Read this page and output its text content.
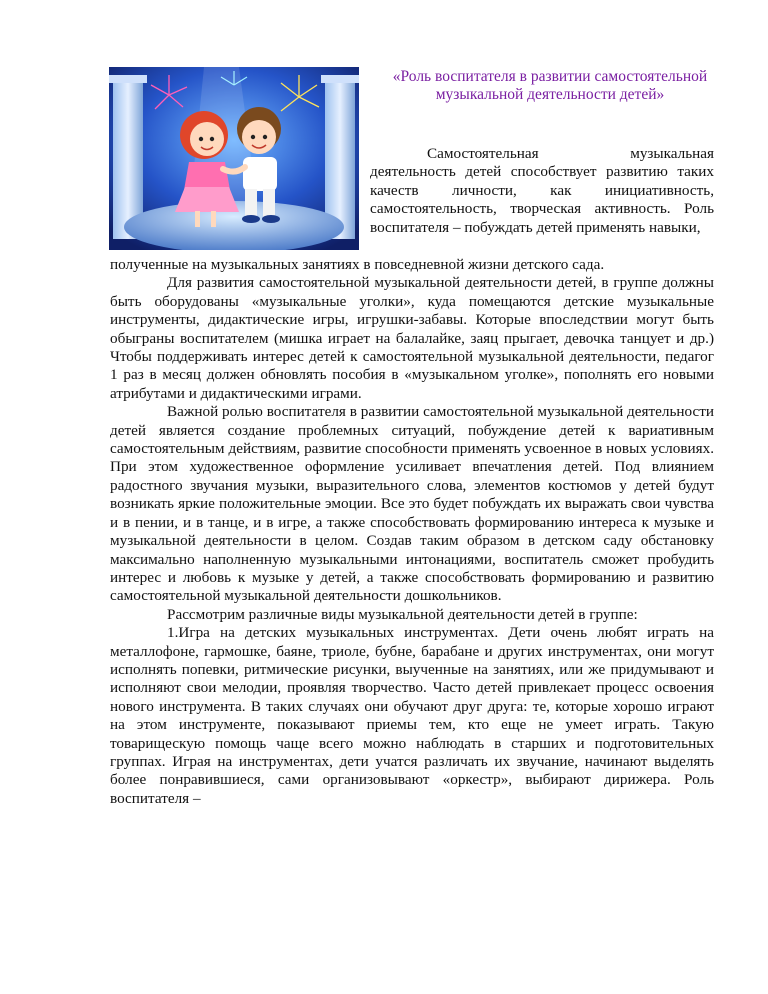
«Роль воспитателя в развитии самостоятельной музыкальной деятельности детей»

Самостоятельная музыкальная деятельность детей способствует развитию таких качеств личности, как инициативность, самостоятельность, творческая активность. Роль воспитателя – побуждать детей применять навыки,

полученные на музыкальных занятиях в повседневной жизни детского сада.

Для развития самостоятельной музыкальной деятельности детей, в группе должны быть оборудованы «музыкальные уголки», куда помещаются детские музыкальные инструменты, дидактические игры, игрушки-забавы. Которые впоследствии могут быть обыграны воспитателем (мишка играет на балалайке, заяц прыгает, девочка танцует и др.) Чтобы поддерживать интерес детей к самостоятельной музыкальной деятельности, педагог 1 раз в месяц должен обновлять пособия в «музыкальном уголке», пополнять его новыми атрибутами и дидактическими играми.

Важной ролью воспитателя в развитии самостоятельной музыкальной деятельности детей является создание проблемных ситуаций, побуждение детей к вариативным самостоятельным действиям, развитие способности применять усвоенное в новых условиях. При этом художественное оформление усиливает впечатления детей. Под влиянием радостного звучания музыки, выразительного слова, элементов костюмов у детей будут возникать яркие положительные эмоции. Все это будет побуждать их выражать свои чувства и в пении, и в танце, и в игре, а также способствовать формированию интереса к музыке и музыкальной деятельности в целом. Создав таким образом в детском саду обстановку максимально наполненную музыкальными интонациями, воспитатель сможет пробудить интерес и любовь к музыке у детей, а также способствовать формированию и развитию самостоятельной музыкальной деятельности дошкольников.

Рассмотрим различные виды музыкальной деятельности детей в группе:

1.Игра на детских музыкальных инструментах. Дети очень любят играть на металлофоне, гармошке, баяне, триоле, бубне, барабане и других инструментах, они могут исполнять попевки, ритмические рисунки, выученные на занятиях, или же придумывают и исполняют свои мелодии, проявляя творчество. Часто детей привлекает процесс освоения нового инструмента. В таких случаях они обучают друг друга: те, которые хорошо играют на этом инструменте, показывают приемы тем, кто еще не умеет играть. Такую товарищескую помощь чаще всего можно наблюдать в старших и подготовительных группах. Играя на инструментах, дети учатся различать их звучание, начинают выделять более понравившиеся, сами организовывают «оркестр», выбирают дирижера. Роль воспитателя –
